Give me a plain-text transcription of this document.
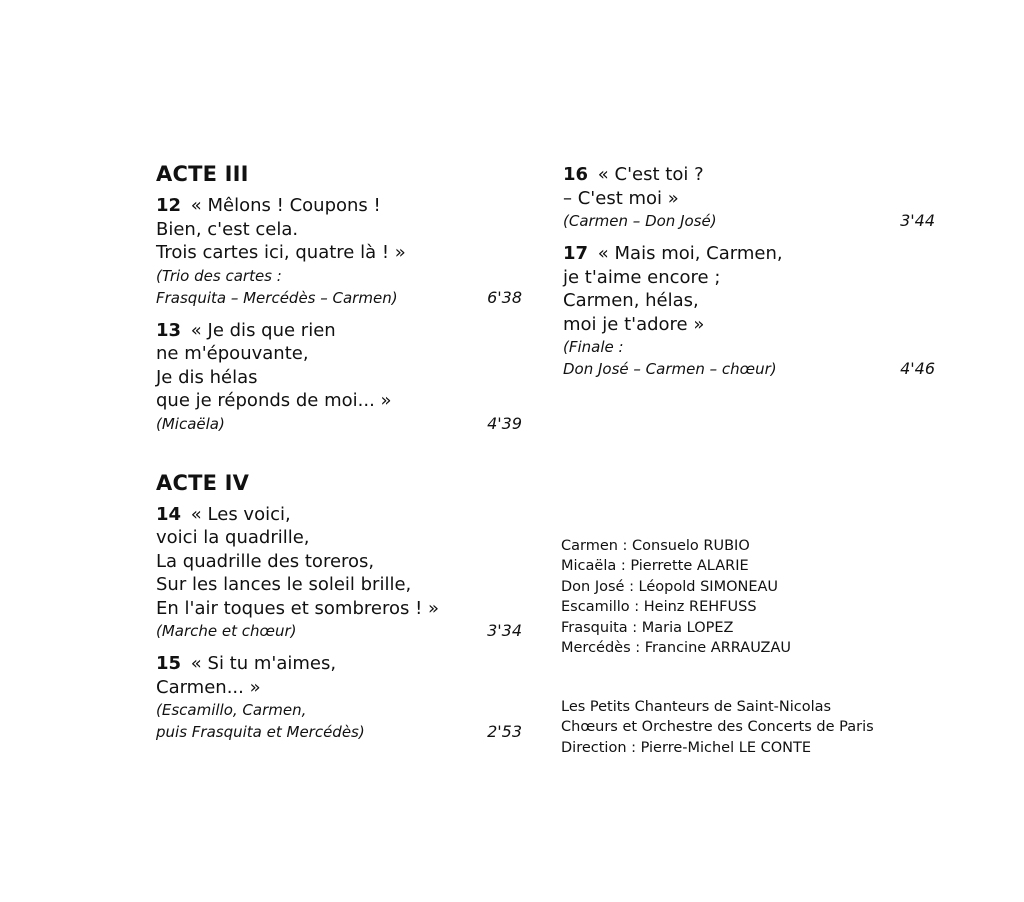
ACTE III
12 « Mêlons ! Coupons !
Bien, c'est cela.
Trois cartes ici, quatre là ! »
(Trio des cartes :
Frasquita – Mercédès – Carmen)	6'38
13 « Je dis que rien
ne m'épouvante,
Je dis hélas
que je réponds de moi... »
(Micaëla)	4'39
ACTE IV
14 « Les voici,
voici la quadrille,
La quadrille des toreros,
Sur les lances le soleil brille,
En l'air toques et sombreros ! »
(Marche et chœur)	3'34
15 « Si tu m'aimes,
Carmen... »
(Escamillo, Carmen,
puis Frasquita et Mercédès)	2'53
16 « C'est toi ?
– C'est moi »
(Carmen – Don José)	3'44
17 « Mais moi, Carmen,
je t'aime encore ;
Carmen, hélas,
moi je t'adore »
(Finale :
Don José – Carmen – chœur)	4'46
Carmen : Consuelo RUBIO
Micaëla : Pierrette ALARIE
Don José : Léopold SIMONEAU
Escamillo : Heinz REHFUSS
Frasquita : Maria LOPEZ
Mercédès : Francine ARRAUZAU
Les Petits Chanteurs de Saint-Nicolas
Chœurs et Orchestre des Concerts de Paris
Direction : Pierre-Michel LE CONTE
